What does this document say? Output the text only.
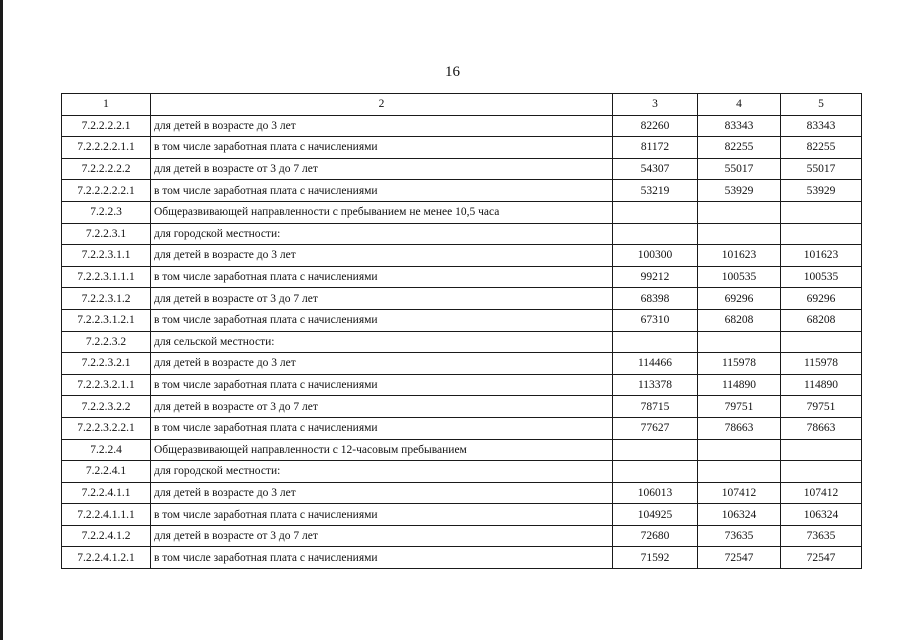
16
1	2	3	4	5
7.2.2.2.2.1	для детей в возрасте до 3 лет	82260	83343	83343
7.2.2.2.2.1.1	в том числе заработная плата с начислениями	81172	82255	82255
7.2.2.2.2.2	для детей в возрасте от 3 до 7 лет	54307	55017	55017
7.2.2.2.2.2.1	в том числе заработная плата с начислениями	53219	53929	53929
7.2.2.3	Общеразвивающей направленности с пребыванием не менее 10,5 часа			
7.2.2.3.1	для городской местности:			
7.2.2.3.1.1	для детей в возрасте до 3 лет	100300	101623	101623
7.2.2.3.1.1.1	в том числе заработная плата с начислениями	99212	100535	100535
7.2.2.3.1.2	для детей в возрасте от 3 до 7 лет	68398	69296	69296
7.2.2.3.1.2.1	в том числе заработная плата с начислениями	67310	68208	68208
7.2.2.3.2	для сельской местности:			
7.2.2.3.2.1	для детей в возрасте до 3 лет	114466	115978	115978
7.2.2.3.2.1.1	в том числе заработная плата с начислениями	113378	114890	114890
7.2.2.3.2.2	для детей в возрасте от 3 до 7 лет	78715	79751	79751
7.2.2.3.2.2.1	в том числе заработная плата с начислениями	77627	78663	78663
7.2.2.4	Общеразвивающей направленности с 12-часовым пребыванием			
7.2.2.4.1	для городской местности:			
7.2.2.4.1.1	для детей в возрасте до 3 лет	106013	107412	107412
7.2.2.4.1.1.1	в том числе заработная плата с начислениями	104925	106324	106324
7.2.2.4.1.2	для детей в возрасте от 3 до 7 лет	72680	73635	73635
7.2.2.4.1.2.1	в том числе заработная плата с начислениями	71592	72547	72547
